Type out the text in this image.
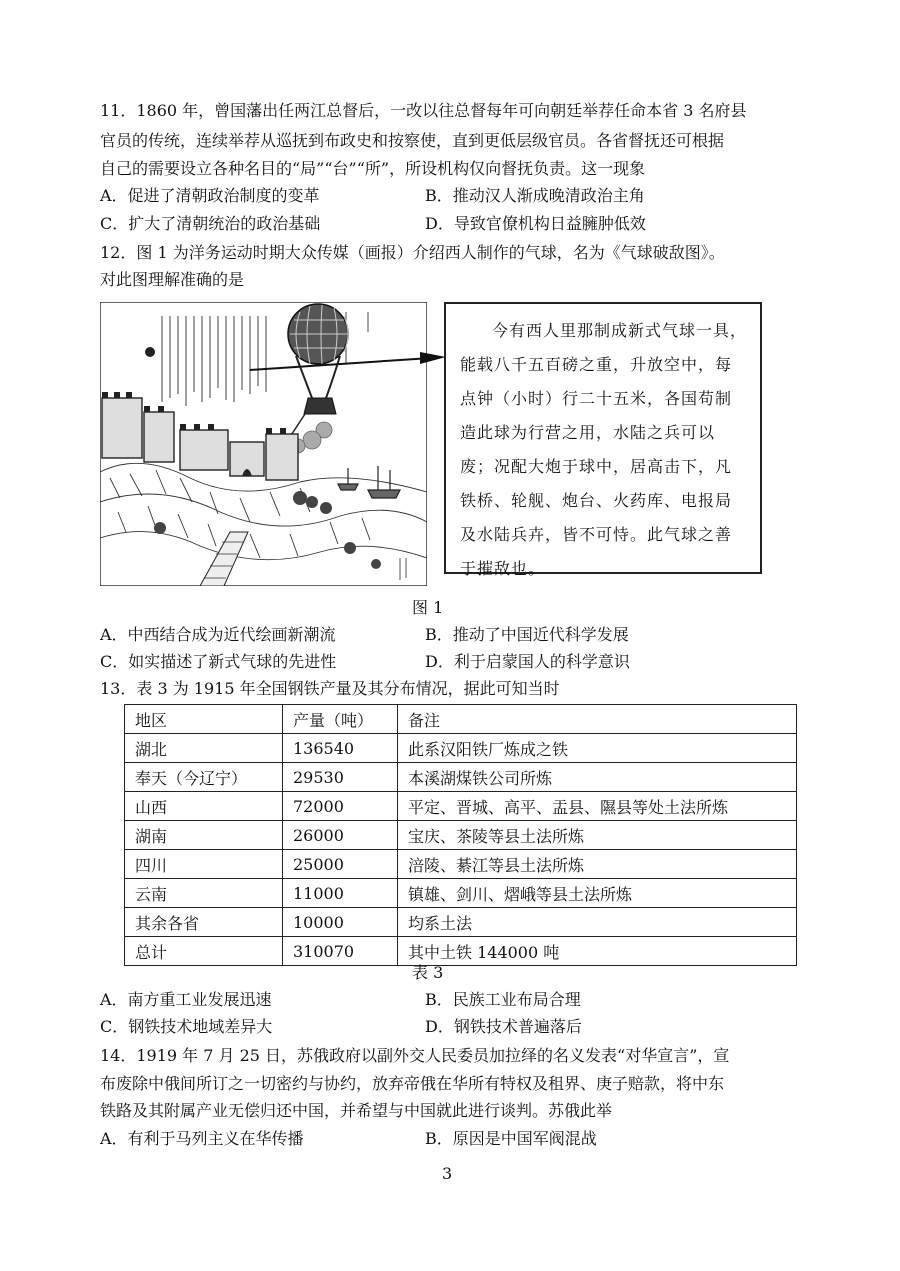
11．1860 年，曾国藩出任两江总督后，一改以往总督每年可向朝廷举荐任命本省 3 名府县
官员的传统，连续举荐从巡抚到布政史和按察使，直到更低层级官员。各省督抚还可根据
自己的需要设立各种名目的“局”“台”“所”，所设机构仅向督抚负责。这一现象
A．促进了清朝政治制度的变革	B．推动汉人渐成晚清政治主角
C．扩大了清朝统治的政治基础	D．导致官僚机构日益臃肿低效
12．图 1 为洋务运动时期大众传媒（画报）介绍西人制作的气球，名为《气球破敌图》。
对此图理解准确的是
今有西人里那制成新式气球一具，能载八千五百磅之重，升放空中，每点钟（小时）行二十五米，各国苟制造此球为行营之用，水陆之兵可以废；况配大炮于球中，居高击下，凡铁桥、轮舰、炮台、火药库、电报局及水陆兵卉，皆不可恃。此气球之善于摧敌也。
图 1
A．中西结合成为近代绘画新潮流	B．推动了中国近代科学发展
C．如实描述了新式气球的先进性	D．利于启蒙国人的科学意识
13．表 3 为 1915 年全国钢铁产量及其分布情况，据此可知当时
地区	产量（吨）	备注
湖北	136540	此系汉阳铁厂炼成之铁
奉天（今辽宁）	29530	本溪湖煤铁公司所炼
山西	72000	平定、晋城、高平、盂县、隰县等处土法所炼
湖南	26000	宝庆、茶陵等县土法所炼
四川	25000	涪陵、綦江等县土法所炼
云南	11000	镇雄、剑川、熠峨等县土法所炼
其余各省	10000	均系土法
总计	310070	其中土铁 144000 吨
表 3
A．南方重工业发展迅速	B．民族工业布局合理
C．钢铁技术地域差异大	D．钢铁技术普遍落后
14．1919 年 7 月 25 日，苏俄政府以副外交人民委员加拉绎的名义发表“对华宣言”，宣
布废除中俄间所订之一切密约与协约，放弃帝俄在华所有特权及租界、庚子赔款，将中东
铁路及其附属产业无偿归还中国，并希望与中国就此进行谈判。苏俄此举
A．有利于马列主义在华传播	B．原因是中国军阀混战
3
